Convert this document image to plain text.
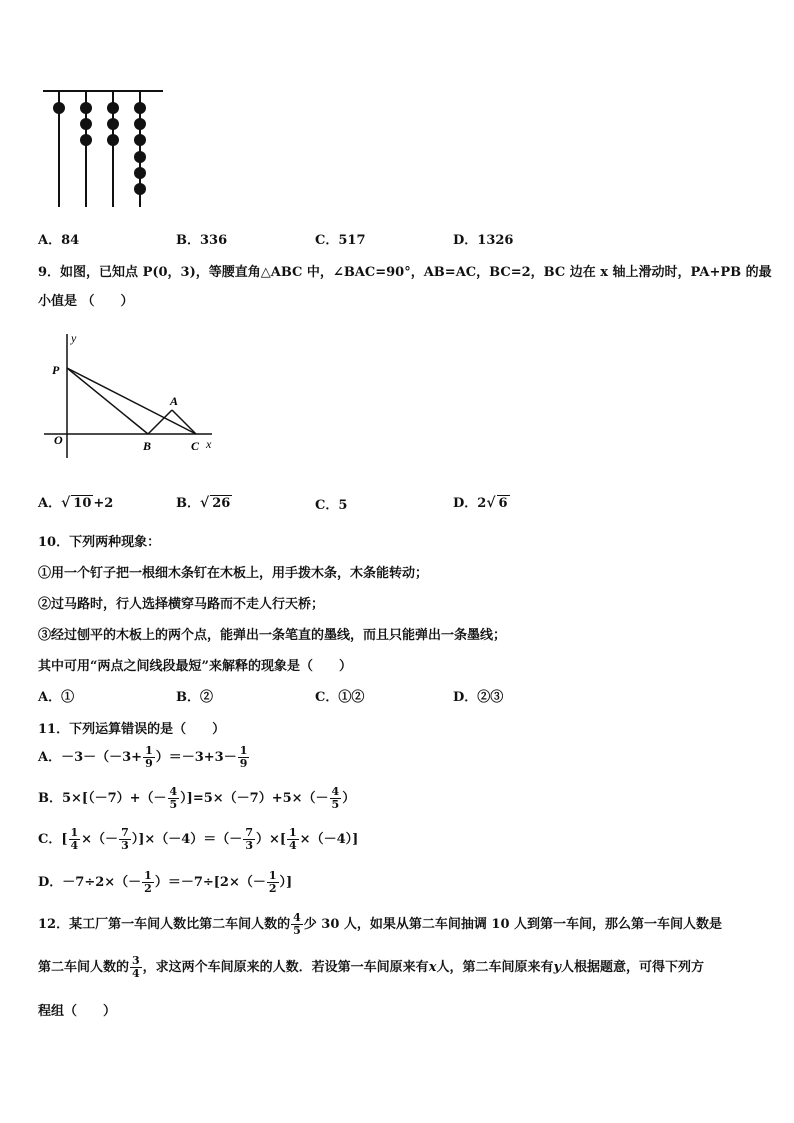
A．84	B．336	C．517	D．1326
9．如图，已知点 P(0，3)，等腰直角△ABC 中，∠BAC=90°，AB=AC，BC=2，BC 边在 x 轴上滑动时，PA+PB 的最
小值是 （　　）
y
P
A
O	B	C x
A．√ 10 +2	B．√ 26	C．5	D．2√ 6
10．下列两种现象：
①用一个钉子把一根细木条钉在木板上，用手拨木条，木条能转动；
②过马路时，行人选择横穿马路而不走人行天桥；
③经过刨平的木板上的两个点，能弹出一条笔直的墨线，而且只能弹出一条墨线；
其中可用“两点之间线段最短”来解释的现象是（　　）
A．①	B．②	C．①②	D．②③
11．下列运算错误的是（　　）
A．$-3-(-3+ \frac{1}{9} )=-3+3- \frac{1}{9}$
B．$5\times[(-7)+(- \frac{4}{5} )]=5\times(-7)+5\times(- \frac{4}{5}$ ）
C．[ $\frac{1}{4}$ ×（－ $\frac{7}{3} )]\times(-4)=(- \frac{7}{3}$ ）×[ $\frac{1}{4} \times(-4)$]
D．$-7\div 2\times(- \frac{1}{2} )=-7\div[2\times(- \frac{1}{2}$ ）]
12．某工厂第一车间人数比第二车间人数的 $\frac{4}{5}$ 少 30 人，如果从第二车间抽调 10 人到第一车间，那么第一车间人数是
第二车间人数的 $\frac{3}{4}$ ，求这两个车间原来的人数．若设第一车间原来有x人，第二车间原来有y人根据题意，可得下列方
程组（　　）
